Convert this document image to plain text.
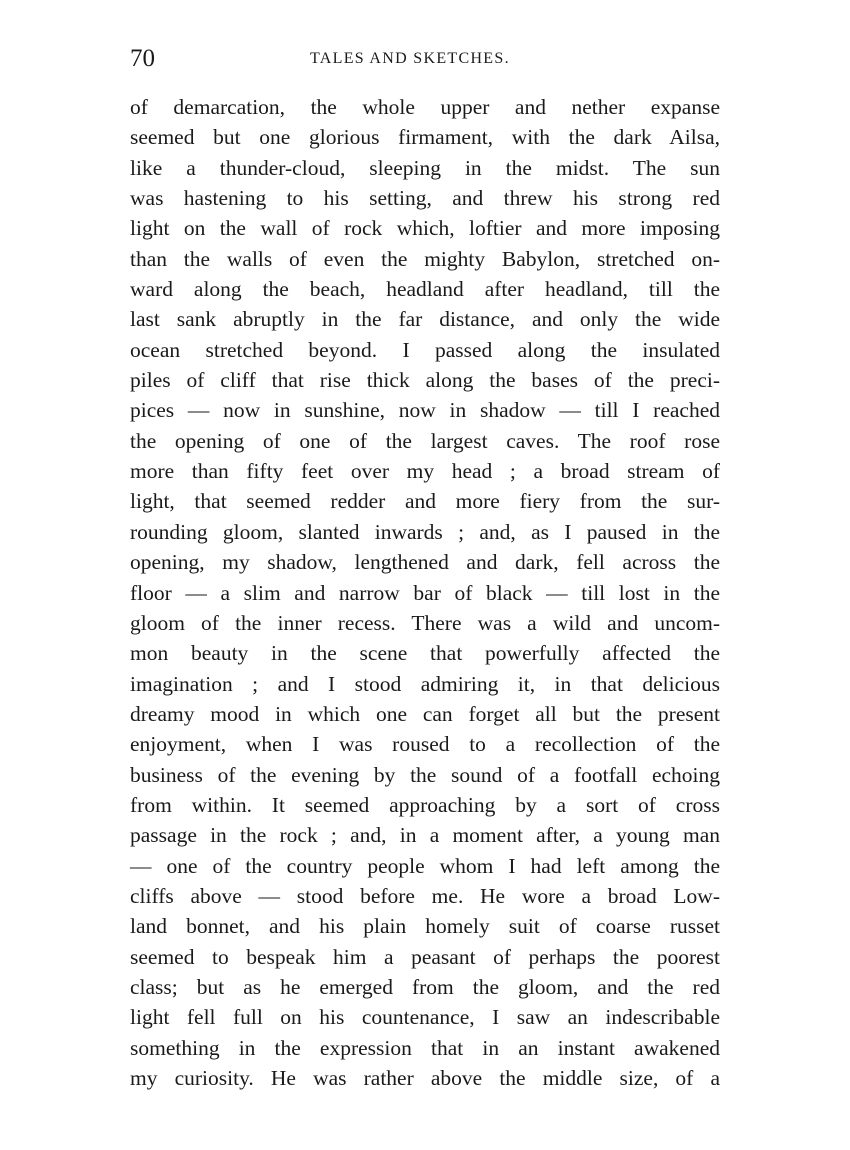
70	TALES AND SKETCHES.
of demarcation, the whole upper and nether expanse
seemed but one glorious firmament, with the dark Ailsa,
like a thunder-cloud, sleeping in the midst. The sun
was hastening to his setting, and threw his strong red
light on the wall of rock which, loftier and more imposing
than the walls of even the mighty Babylon, stretched on-
ward along the beach, headland after headland, till the
last sank abruptly in the far distance, and only the wide
ocean stretched beyond. I passed along the insulated
piles of cliff that rise thick along the bases of the preci-
pices — now in sunshine, now in shadow — till I reached
the opening of one of the largest caves. The roof rose
more than fifty feet over my head ; a broad stream of
light, that seemed redder and more fiery from the sur-
rounding gloom, slanted inwards ; and, as I paused in the
opening, my shadow, lengthened and dark, fell across the
floor — a slim and narrow bar of black — till lost in the
gloom of the inner recess. There was a wild and uncom-
mon beauty in the scene that powerfully affected the
imagination ; and I stood admiring it, in that delicious
dreamy mood in which one can forget all but the present
enjoyment, when I was roused to a recollection of the
business of the evening by the sound of a footfall echoing
from within. It seemed approaching by a sort of cross
passage in the rock ; and, in a moment after, a young man
— one of the country people whom I had left among the
cliffs above — stood before me. He wore a broad Low-
land bonnet, and his plain homely suit of coarse russet
seemed to bespeak him a peasant of perhaps the poorest
class; but as he emerged from the gloom, and the red
light fell full on his countenance, I saw an indescribable
something in the expression that in an instant awakened
my curiosity. He was rather above the middle size, of a
